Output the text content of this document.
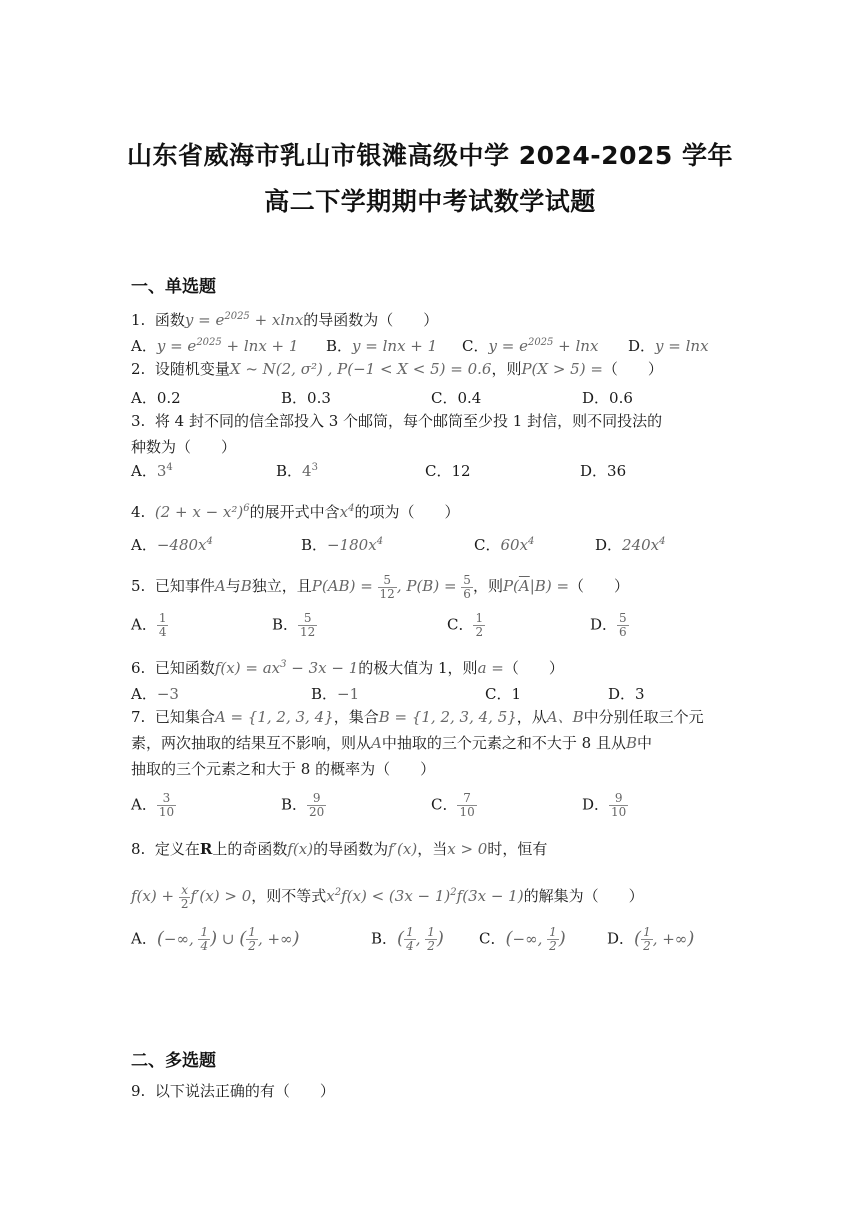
山东省威海市乳山市银滩高级中学 2024-2025 学年
高二下学期期中考试数学试题
一、单选题
1. 函数$y = e^{2025} + xlnx$的导函数为（　　）
A．$y = e^{2025} + \ln x + 1$ B．y = lnx + 1 C．$y = e^{2025} + \ln x$ D．y = lnx
2. 设随机变量X ~ N(2, σ²) , P(−1 < X < 5) = 0.6，则P(X > 5) =（　　）
A．0.2	B．0.3	C．0.4	D．0.6
3. 将 4 封不同的信全部投入 3 个邮筒，每个邮筒至少投 1 封信，则不同投法的
种数为（　　）
A．$3^4$	B．$4^3$	C．12	D．36
4. $(2 + x - x^2)^6$的展开式中含$x^4$的项为（　　）
A．$-480x^4$	B．$-180x^4$	C．$60x^4$	D．$240x^4$
5. 已知事件A与B独立，且$P(AB) = \frac{5}{12}$ , $P(B) = \frac{5}{6}$ ，则$P(\overline{A}|B)$ =（　　）
A． $\frac{1}{4}$	B． $\frac{5}{12}$	C． $\frac{1}{2}$	D． $\frac{5}{6}$
6. 已知函数$f(x) = ax^3 - 3x - 1$的极大值为 1，则a =（　　）
A．−3	B．−1	C．1	D．3
7. 已知集合A = {1, 2, 3, 4}，集合B = {1, 2, 3, 4, 5}，从A、B中分别任取三个元
素，两次抽取的结果互不影响，则从A中抽取的三个元素之和不大于 8 且从B中
抽取的三个元素之和大于 8 的概率为（　　）
A． $\frac{3}{10}$	B． $\frac{9}{20}$	C． $\frac{7}{10}$	D． $\frac{9}{10}$
8. 定义在R上的奇函数f(x)的导函数为f′(x)，当x > 0时，恒有
$f(x) + \frac{x}{2} f'(x) > 0$，则不等式$x^2f(x) < (3x - 1)^2f(3x - 1)$的解集为（　　）
A．(−∞, $\frac{1}{4}$ ) ∪ ( $\frac{1}{2}$ , +∞)	B．( $\frac{1}{4}$ , $\frac{1}{2}$ ) C．(−∞, $\frac{1}{2}$ )	D．( $\frac{1}{2}$ , +∞)
二、多选题
9. 以下说法正确的有（　　）
